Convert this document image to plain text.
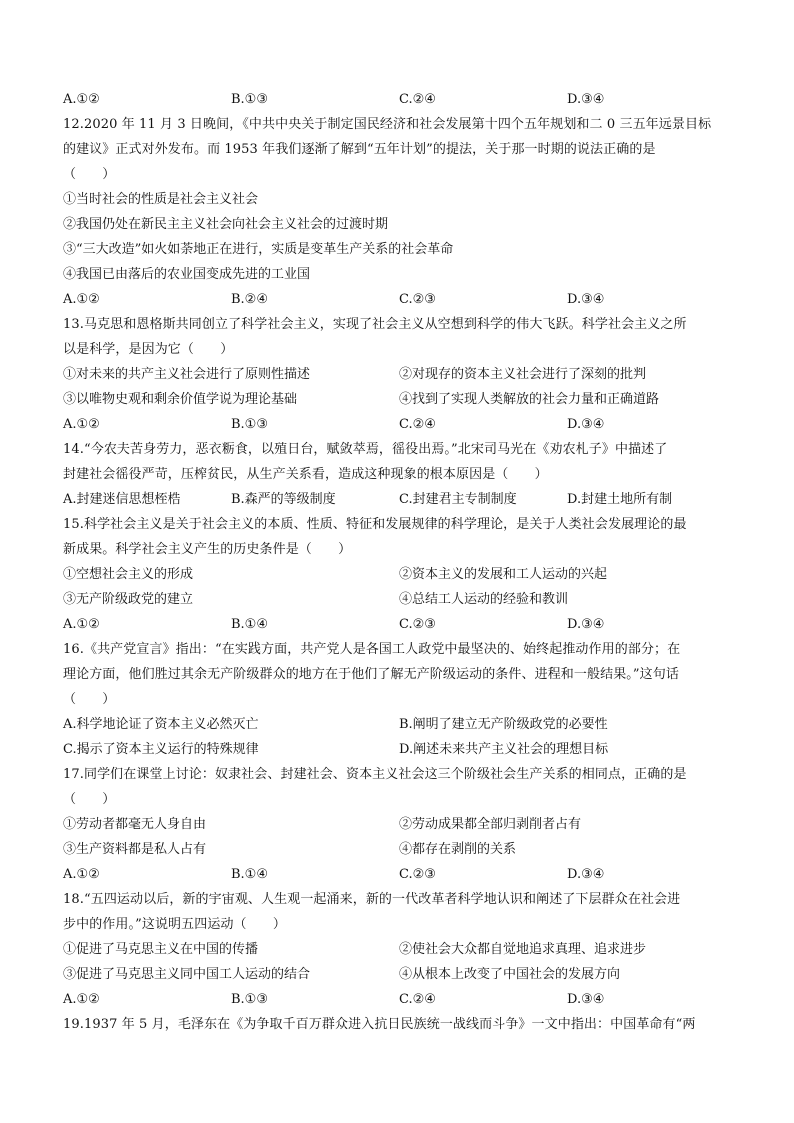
A.①②	B.①③	C.②④	D.③④
12.2020 年 11 月 3 日晚间，《中共中央关于制定国民经济和社会发展第十四个五年规划和二 0 三五年远景目标
的建议》正式对外发布。而 1953 年我们逐渐了解到“五年计划”的提法，关于那一时期的说法正确的是
（　　）
①当时社会的性质是社会主义社会
②我国仍处在新民主主义社会向社会主义社会的过渡时期
③“三大改造”如火如荼地正在进行，实质是变革生产关系的社会革命
④我国已由落后的农业国变成先进的工业国
A.①②	B.②④	C.②③	D.③④
13.马克思和恩格斯共同创立了科学社会主义，实现了社会主义从空想到科学的伟大飞跃。科学社会主义之所
以是科学，是因为它（　　）
①对未来的共产主义社会进行了原则性描述	②对现存的资本主义社会进行了深刻的批判
③以唯物史观和剩余价值学说为理论基础	④找到了实现人类解放的社会力量和正确道路
A.①②	B.①③	C.②④	D.③④
14.“今农夫苦身劳力，恶衣粝食，以殖日台，赋敛萃焉，徭役出焉。”北宋司马光在《劝农札子》中描述了
封建社会徭役严苛，压榨贫民，从生产关系看，造成这种现象的根本原因是（　　）
A.封建迷信思想桎梏	B.森严的等级制度	C.封建君主专制制度	D.封建土地所有制
15.科学社会主义是关于社会主义的本质、性质、特征和发展规律的科学理论，是关于人类社会发展理论的最
新成果。科学社会主义产生的历史条件是（　　）
①空想社会主义的形成	②资本主义的发展和工人运动的兴起
③无产阶级政党的建立	④总结工人运动的经验和教训
A.①②	B.①④	C.②③	D.③④
16.《共产党宣言》指出：“在实践方面，共产党人是各国工人政党中最坚决的、始终起推动作用的部分；在
理论方面，他们胜过其余无产阶级群众的地方在于他们了解无产阶级运动的条件、进程和一般结果。”这句话
（　　）
A.科学地论证了资本主义必然灭亡	B.阐明了建立无产阶级政党的必要性
C.揭示了资本主义运行的特殊规律	D.阐述未来共产主义社会的理想目标
17.同学们在课堂上讨论：奴隶社会、封建社会、资本主义社会这三个阶级社会生产关系的相同点，正确的是
（　　）
①劳动者都毫无人身自由	②劳动成果都全部归剥削者占有
③生产资料都是私人占有	④都存在剥削的关系
A.①②	B.①④	C.②③	D.③④
18.“五四运动以后，新的宇宙观、人生观一起涌来，新的一代改革者科学地认识和阐述了下层群众在社会进
步中的作用。”这说明五四运动（　　）
①促进了马克思主义在中国的传播	②使社会大众都自觉地追求真理、追求进步
③促进了马克思主义同中国工人运动的结合	④从根本上改变了中国社会的发展方向
A.①②	B.①③	C.②④	D.③④
19.1937 年 5 月，毛泽东在《为争取千百万群众进入抗日民族统一战线而斗争》一文中指出：中国革命有“两
